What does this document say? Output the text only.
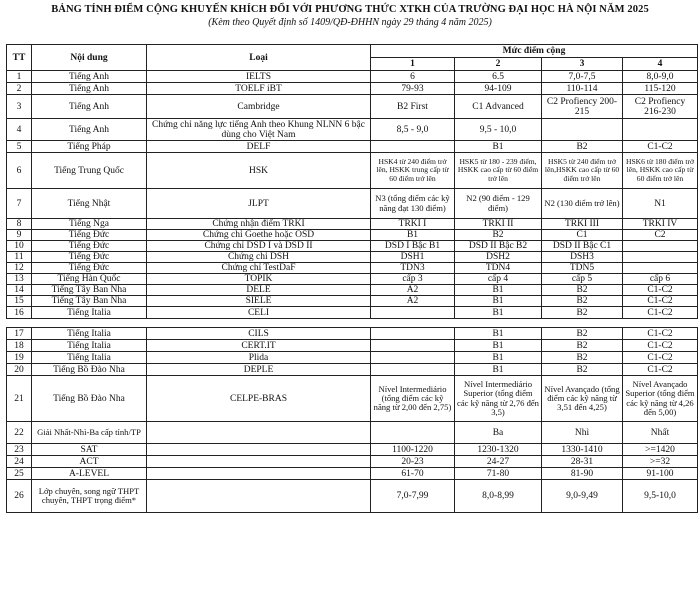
BẢNG TÍNH ĐIỂM CỘNG KHUYẾN KHÍCH ĐỔI VỚI PHƯƠNG THỨC XTKH CỦA TRƯỜNG ĐẠI HỌC HÀ NỘI NĂM 2025
(Kèm theo Quyết định số 1409/QĐ-ĐHHN ngày 29 tháng 4 năm 2025)
TT	Nội dung	Loại	Mức điểm cộng			
			1	2	3	4
1	Tiếng Anh	IELTS	6	6.5	7,0-7,5	8,0-9,0
2	Tiếng Anh	TOELF iBT	79-93	94-109	110-114	115-120
3	Tiếng Anh	Cambridge	B2 First	C1 Advanced	C2 Profiency 200-215	C2 Profiency 216-230
4	Tiếng Anh	Chứng chỉ năng lực tiếng Anh theo Khung NLNN 6 bậc dùng cho Việt Nam	8,5 - 9,0	9,5 - 10,0		
5	Tiếng Pháp	DELF		B1	B2	C1-C2
6	Tiếng Trung Quốc	HSK	HSK4 từ 240 điểm trở lên, HSKK trung cấp từ 60 điểm trở lên	HSK5 từ 180 - 239 điểm, HSKK cao cấp từ 60 điểm trở lên	HSK5 từ 240 điểm trở lên,HSKK cao cấp từ 60 điểm trở lên	HSK6 từ 180 điểm trở lên, HSKK cao cấp từ 60 điểm trở lên
7	Tiếng Nhật	JLPT	N3 (tổng điểm các kỹ năng đạt 130 điểm)	N2 (90 điểm - 129 điểm)	N2 (130 điểm trở lên)	N1
8	Tiếng Nga	Chứng nhận điểm TRKI	TRKI I	TRKI II	TRKI III	TRKI IV
9	Tiếng Đức	Chứng chỉ Goethe hoặc ÖSD	B1	B2	C1	C2
10	Tiếng Đức	Chứng chỉ DSD I và DSD II	DSD I Bậc B1	DSD II Bậc B2	DSD II Bậc C1	
11	Tiếng Đức	Chứng chỉ DSH	DSH1	DSH2	DSH3	
12	Tiếng Đức	Chứng chỉ TestDaF	TDN3	TDN4	TDN5	
13	Tiếng Hàn Quốc	TOPIK	cấp 3	cấp 4	cấp 5	cấp 6
14	Tiếng Tây Ban Nha	DELE	A2	B1	B2	C1-C2
15	Tiếng Tây Ban Nha	SIELE	A2	B1	B2	C1-C2
16	Tiếng Italia	CELI		B1	B2	C1-C2

17	Tiếng Italia	CILS		B1	B2	C1-C2
18	Tiếng Italia	CERT.IT		B1	B2	C1-C2
19	Tiếng Italia	Plida		B1	B2	C1-C2
20	Tiếng Bồ Đào Nha	DEPLE		B1	B2	C1-C2
21	Tiếng Bồ Đào Nha	CELPE-BRAS	Nível Intermediário (tổng điểm các kỹ năng từ 2,00 đến 2,75)	Nível Intermediário Superior (tổng điểm các kỹ năng từ 2,76 đến 3,5)	Nível Avançado (tổng điểm các kỹ năng từ 3,51 đến 4,25)	Nível Avançado Superior (tổng điểm các kỹ năng từ 4,26 đến 5,00)
22	Giải Nhất-Nhì-Ba cấp tỉnh/TP			Ba	Nhì	Nhất
23	SAT		1100-1220	1230-1320	1330-1410	>=1420
24	ACT		20-23	24-27	28-31	>=32
25	A-LEVEL		61-70	71-80	81-90	91-100
26	Lớp chuyên, song ngữ THPT chuyên, THPT trọng điểm*		7,0-7,99	8,0-8,99	9,0-9,49	9,5-10,0
